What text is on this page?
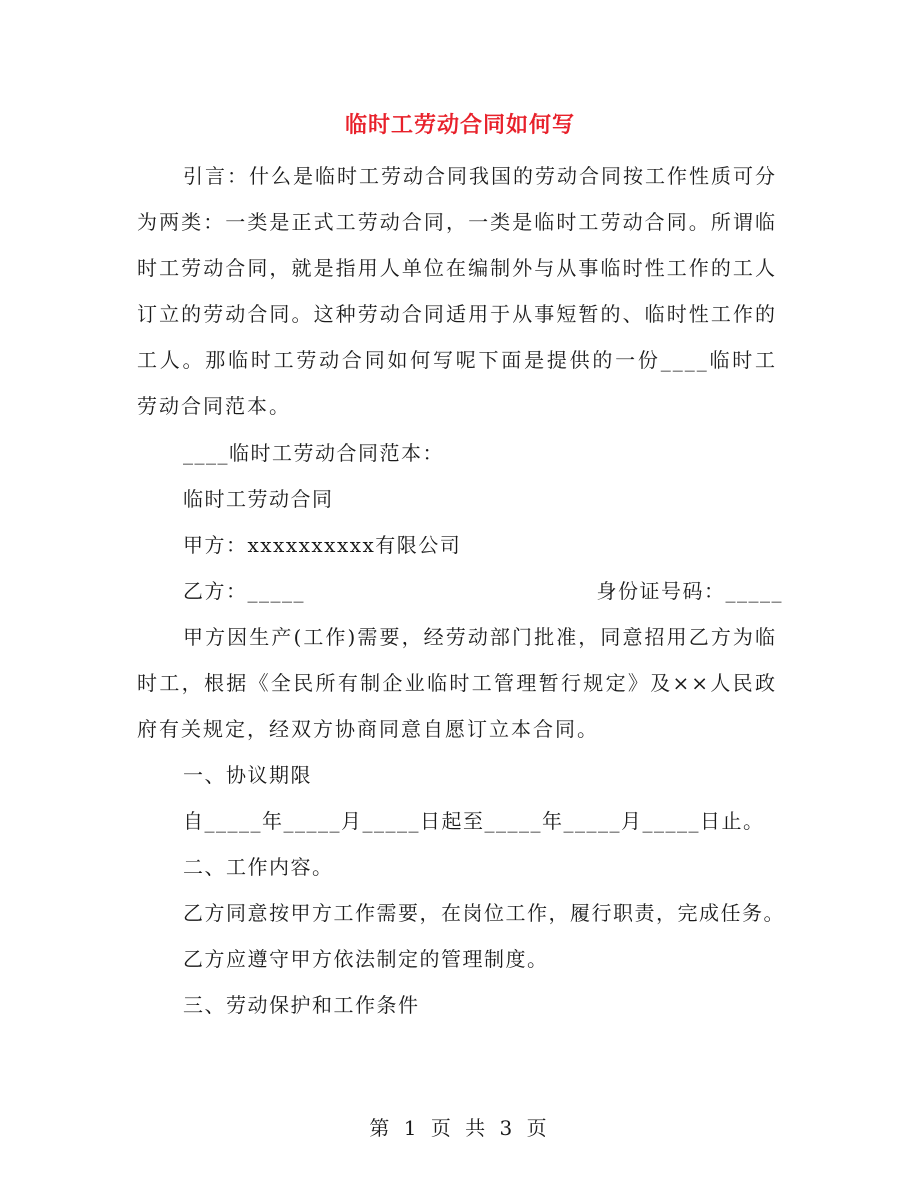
临时工劳动合同如何写

引言：什么是临时工劳动合同我国的劳动合同按工作性质可分为两类：一类是正式工劳动合同，一类是临时工劳动合同。所谓临时工劳动合同，就是指用人单位在编制外与从事临时性工作的工人订立的劳动合同。这种劳动合同适用于从事短暂的、临时性工作的工人。那临时工劳动合同如何写呢下面是提供的一份____临时工劳动合同范本。

____临时工劳动合同范本：

临时工劳动合同

甲方：xxxxxxxxxx有限公司

乙方：_____	身份证号码：_____

甲方因生产(工作)需要，经劳动部门批准，同意招用乙方为临时工，根据《全民所有制企业临时工管理暂行规定》及××人民政府有关规定，经双方协商同意自愿订立本合同。

一、协议期限

自_____年_____月_____日起至_____年_____月_____日止。

二、工作内容。

乙方同意按甲方工作需要，在岗位工作，履行职责，完成任务。

乙方应遵守甲方依法制定的管理制度。

三、劳动保护和工作条件

第 1 页 共 3 页
